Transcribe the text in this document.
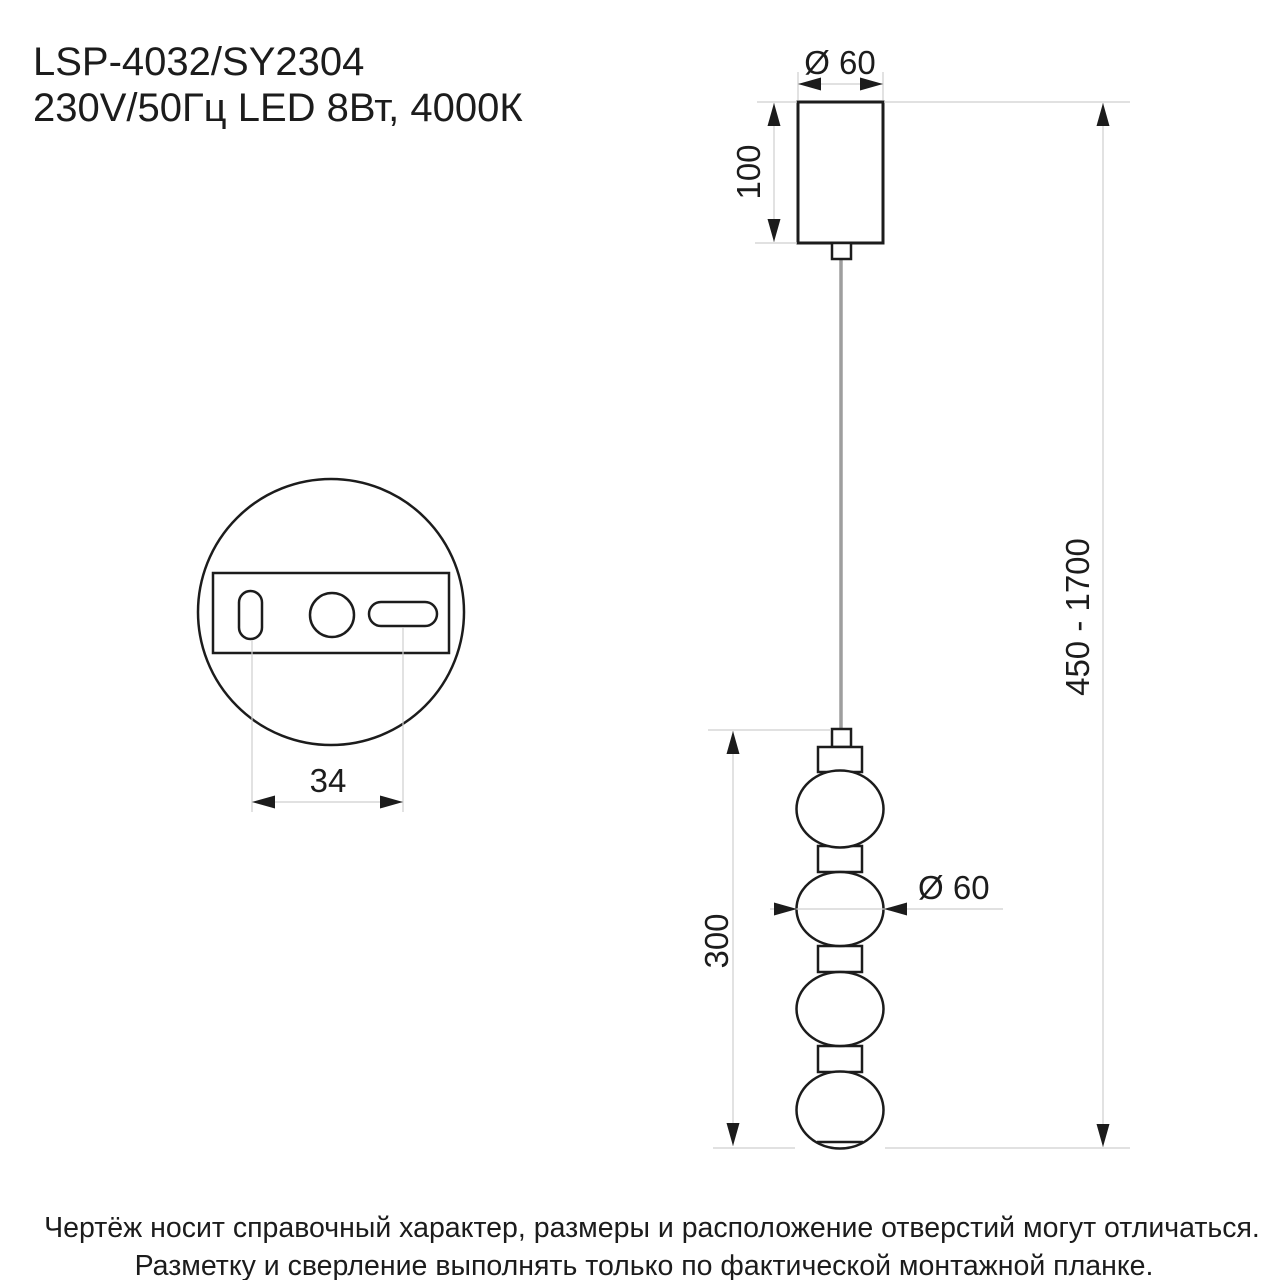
LSP-4032/SY2304
230V/50Гц LED 8Вт, 4000К
Ø 60
100
450 - 1700
300
Ø 60
34
Чертёж носит справочный характер, размеры и расположение отверстий могут отличаться.
Разметку и сверление выполнять только по фактической монтажной планке.
